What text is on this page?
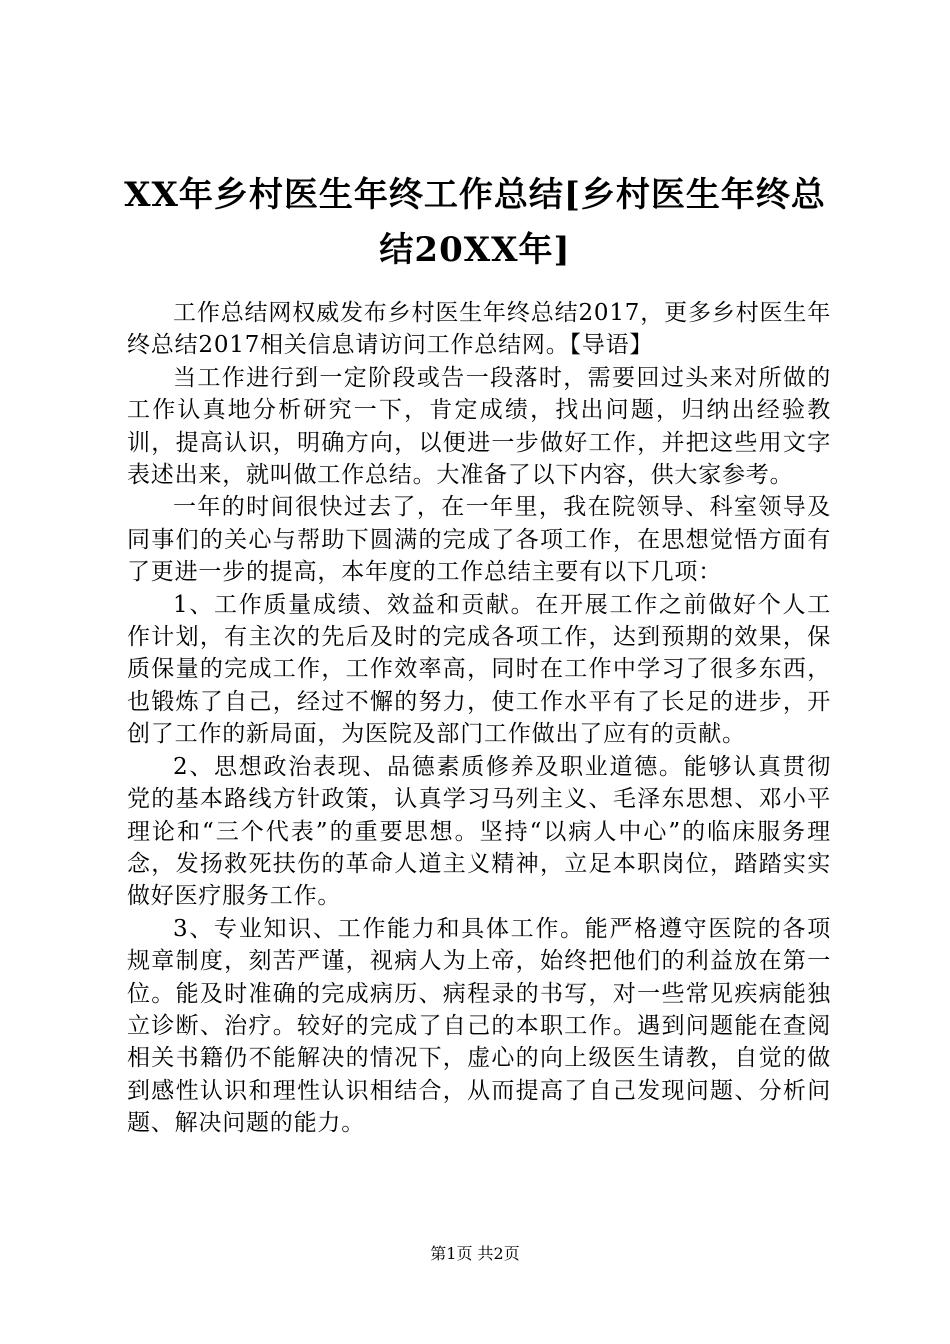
XX年乡村医生年终工作总结[乡村医生年终总结20XX年]

工作总结网权威发布乡村医生年终总结2017，更多乡村医生年终总结2017相关信息请访问工作总结网。【导语】

当工作进行到一定阶段或告一段落时，需要回过头来对所做的工作认真地分析研究一下，肯定成绩，找出问题，归纳出经验教训，提高认识，明确方向，以便进一步做好工作，并把这些用文字表述出来，就叫做工作总结。大准备了以下内容，供大家参考。

一年的时间很快过去了，在一年里，我在院领导、科室领导及同事们的关心与帮助下圆满的完成了各项工作，在思想觉悟方面有了更进一步的提高，本年度的工作总结主要有以下几项：

1、工作质量成绩、效益和贡献。在开展工作之前做好个人工作计划，有主次的先后及时的完成各项工作，达到预期的效果，保质保量的完成工作，工作效率高，同时在工作中学习了很多东西，也锻炼了自己，经过不懈的努力，使工作水平有了长足的进步，开创了工作的新局面，为医院及部门工作做出了应有的贡献。

2、思想政治表现、品德素质修养及职业道德。能够认真贯彻党的基本路线方针政策，认真学习马列主义、毛泽东思想、邓小平理论和“三个代表”的重要思想。坚持“以病人中心”的临床服务理念，发扬救死扶伤的革命人道主义精神，立足本职岗位，踏踏实实做好医疗服务工作。

3、专业知识、工作能力和具体工作。能严格遵守医院的各项规章制度，刻苦严谨，视病人为上帝，始终把他们的利益放在第一位。能及时准确的完成病历、病程录的书写，对一些常见疾病能独立诊断、治疗。较好的完成了自己的本职工作。遇到问题能在查阅相关书籍仍不能解决的情况下，虚心的向上级医生请教，自觉的做到感性认识和理性认识相结合，从而提高了自己发现问题、分析问题、解决问题的能力。

第1页 共2页
